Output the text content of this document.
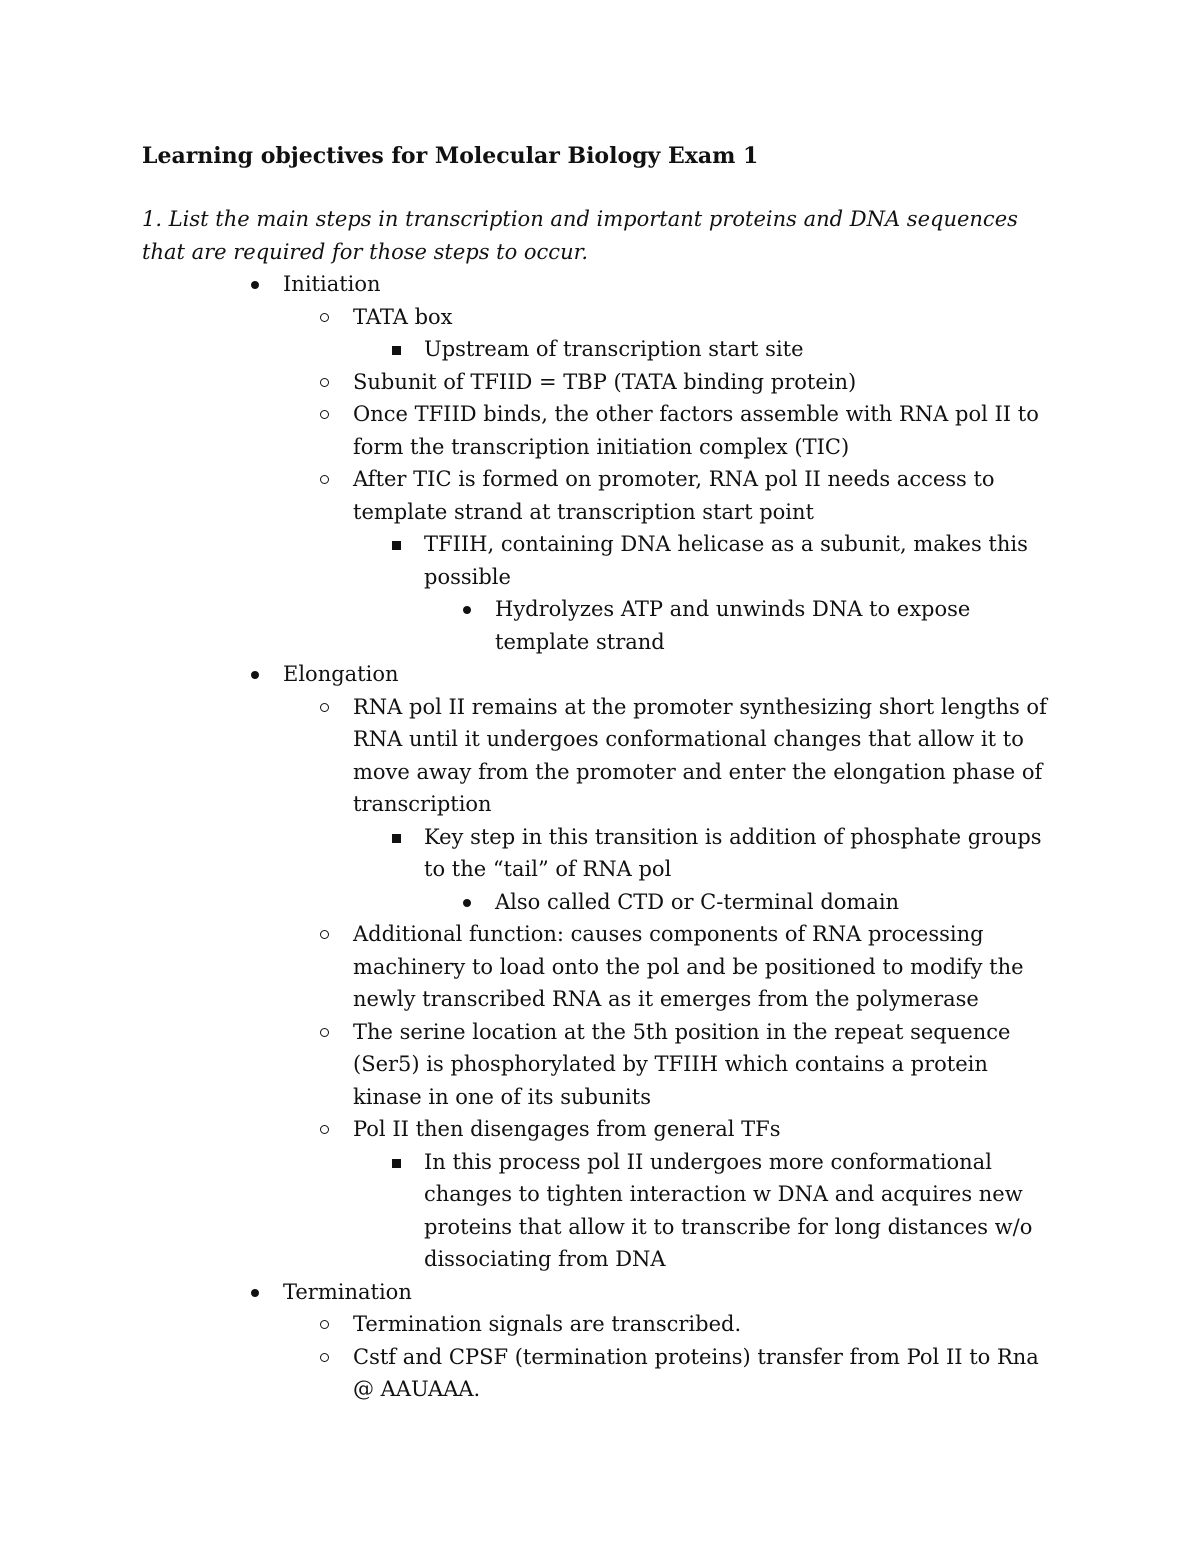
Learning objectives for Molecular Biology Exam 1

1. List the main steps in transcription and important proteins and DNA sequences that are required for those steps to occur.

Initiation
TATA box
Upstream of transcription start site
Subunit of TFIID = TBP (TATA binding protein)
Once TFIID binds, the other factors assemble with RNA pol II to form the transcription initiation complex (TIC)
After TIC is formed on promoter, RNA pol II needs access to template strand at transcription start point
TFIIH, containing DNA helicase as a subunit, makes this possible
Hydrolyzes ATP and unwinds DNA to expose template strand
Elongation
RNA pol II remains at the promoter synthesizing short lengths of RNA until it undergoes conformational changes that allow it to move away from the promoter and enter the elongation phase of transcription
Key step in this transition is addition of phosphate groups to the “tail” of RNA pol
Also called CTD or C-terminal domain
Additional function: causes components of RNA processing machinery to load onto the pol and be positioned to modify the newly transcribed RNA as it emerges from the polymerase
The serine location at the 5th position in the repeat sequence (Ser5) is phosphorylated by TFIIH which contains a protein kinase in one of its subunits
Pol II then disengages from general TFs
In this process pol II undergoes more conformational changes to tighten interaction w DNA and acquires new proteins that allow it to transcribe for long distances w/o dissociating from DNA
Termination
Termination signals are transcribed.
Cstf and CPSF (termination proteins) transfer from Pol II to Rna @ AAUAAA.
